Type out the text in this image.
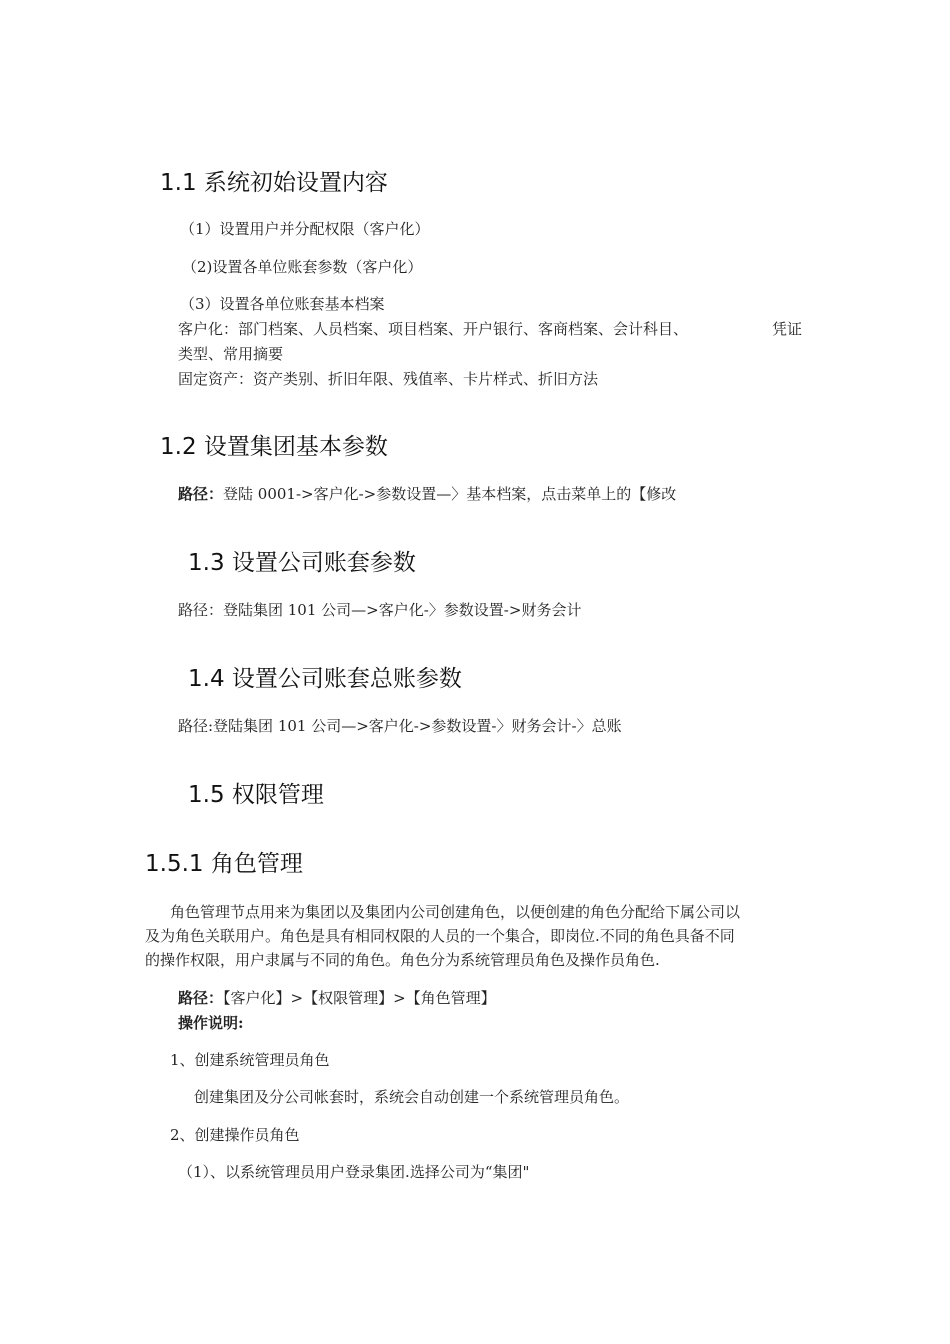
1.1 系统初始设置内容
（1）设置用户并分配权限（客户化）
（2)设置各单位账套参数（客户化）
（3）设置各单位账套基本档案
客户化：部门档案、人员档案、项目档案、开户银行、客商档案、会计科目、	凭证
类型、常用摘要
固定资产：资产类别、折旧年限、残值率、卡片样式、折旧方法
1.2 设置集团基本参数
路径：登陆 0001->客户化->参数设置—〉基本档案，点击菜单上的【修改
1.3 设置公司账套参数
路径：登陆集团 101 公司—>客户化-〉参数设置->财务会计
1.4 设置公司账套总账参数
路径:登陆集团 101 公司—>客户化->参数设置-〉财务会计-〉总账
1.5 权限管理
1.5.1 角色管理
角色管理节点用来为集团以及集团内公司创建角色，以便创建的角色分配给下属公司以
及为角色关联用户。角色是具有相同权限的人员的一个集合，即岗位.不同的角色具备不同
的操作权限，用户隶属与不同的角色。角色分为系统管理员角色及操作员角色.
路径：【客户化】>【权限管理】>【角色管理】
操作说明:
1、创建系统管理员角色
创建集团及分公司帐套时，系统会自动创建一个系统管理员角色。
2、创建操作员角色
（1）、以系统管理员用户登录集团.选择公司为“集团"
